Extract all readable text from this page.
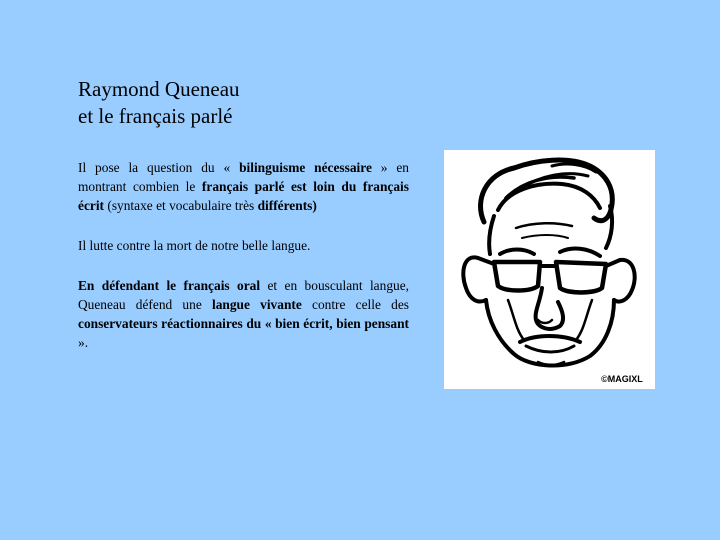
Raymond Queneau
et le français parlé

Il pose la question du « bilinguisme nécessaire » en montrant combien le français parlé est loin du français écrit (syntaxe et vocabulaire très différents)

Il lutte contre la mort de notre belle langue.

En défendant le français oral et en bousculant langue, Queneau défend une langue vivante contre celle des conservateurs réactionnaires du « bien écrit, bien pensant ».

©MAGIXL
